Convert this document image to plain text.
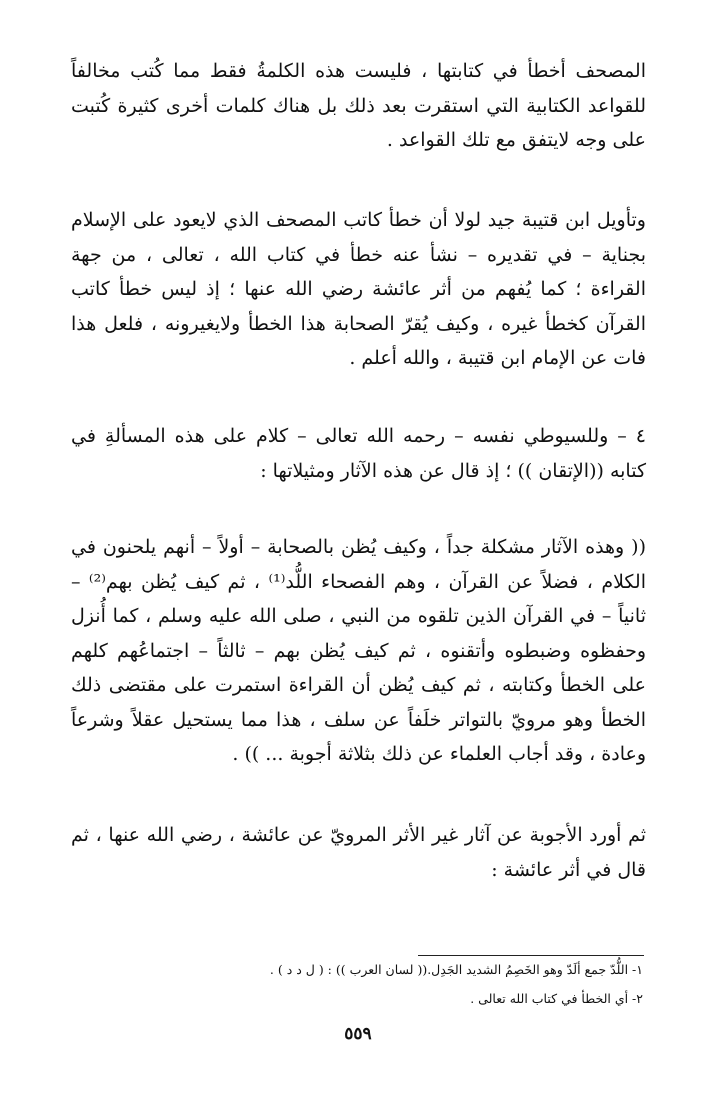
المصحف أخطأ في كتابتها ، فليست هذه الكلمةُ فقط مما كُتب مخالفاً للقواعد الكتابية التي استقرت بعد ذلك بل هناك كلمات أخرى كثيرة كُتبت على وجه لايتفق مع تلك القواعد .

وتأويل ابن قتيبة جيد لولا أن خطأ كاتب المصحف الذي لايعود على الإسلام بجناية – في تقديره – نشأ عنه خطأ في كتاب الله ، تعالى ، من جهة القراءة ؛ كما يُفهم من أثر عائشة رضي الله عنها ؛ إذ ليس خطأ كاتب القرآن كخطأ غيره ، وكيف يُقرّ الصحابة هذا الخطأ ولايغيرونه ، فلعل هذا فات عن الإمام ابن قتيبة ، والله أعلم .

٤ – وللسيوطي نفسه – رحمه الله تعالى – كلام على هذه المسألةِ في كتابه ((الإتقان )) ؛ إذ قال عن هذه الآثار ومثيلاتها :

(( وهذه الآثار مشكلة جداً ، وكيف يُظن بالصحابة – أولاً – أنهم يلحنون في الكلام ، فضلاً عن القرآن ، وهم الفصحاء اللُّد⁽¹⁾ ، ثم كيف يُظن بهم⁽²⁾ – ثانياً – في القرآن الذين تلقوه من النبي ، صلى الله عليه وسلم ، كما أُنزل وحفظوه وضبطوه وأتقنوه ، ثم كيف يُظن بهم – ثالثاً – اجتماعُهم كلهم على الخطأ وكتابته ، ثم كيف يُظن أن القراءة استمرت على مقتضى ذلك الخطأ وهو مرويّ بالتواتر خلَفاً عن سلف ، هذا مما يستحيل عقلاً وشرعاً وعادة ، وقد أجاب العلماء عن ذلك بثلاثة أجوبة ... )) .

ثم أورد الأجوبة عن آثار غير الأثر المرويّ عن عائشة ، رضي الله عنها ، ثم قال في أثر عائشة :

١- اللُّدّ جمع ألَدّ وهو الخَصِمُ الشديد الجَدِل.(( لسان العرب )) : ( ل د د ) .

٢- أي الخطأ في كتاب الله تعالى .

٥٥٩
